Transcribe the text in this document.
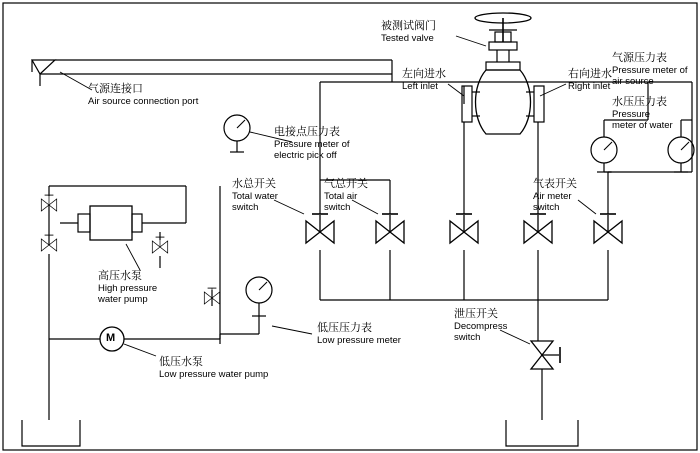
气源连接口
Air source connection port
被测试阀门
Tested valve
左向进水
Left inlet
右向进水
Right inlet
气源压力表
Pressure meter of air source
水压压力表
Pressure meter of water
电接点压力表
Pressure meter of electric pick off
水总开关
Total water switch
气总开关
Total air switch
气表开关
Air meter switch
高压水泵
High pressure water pump
低压压力表
Low pressure meter
泄压开关
Decompress switch
低压水泵
Low pressure water pump
M
